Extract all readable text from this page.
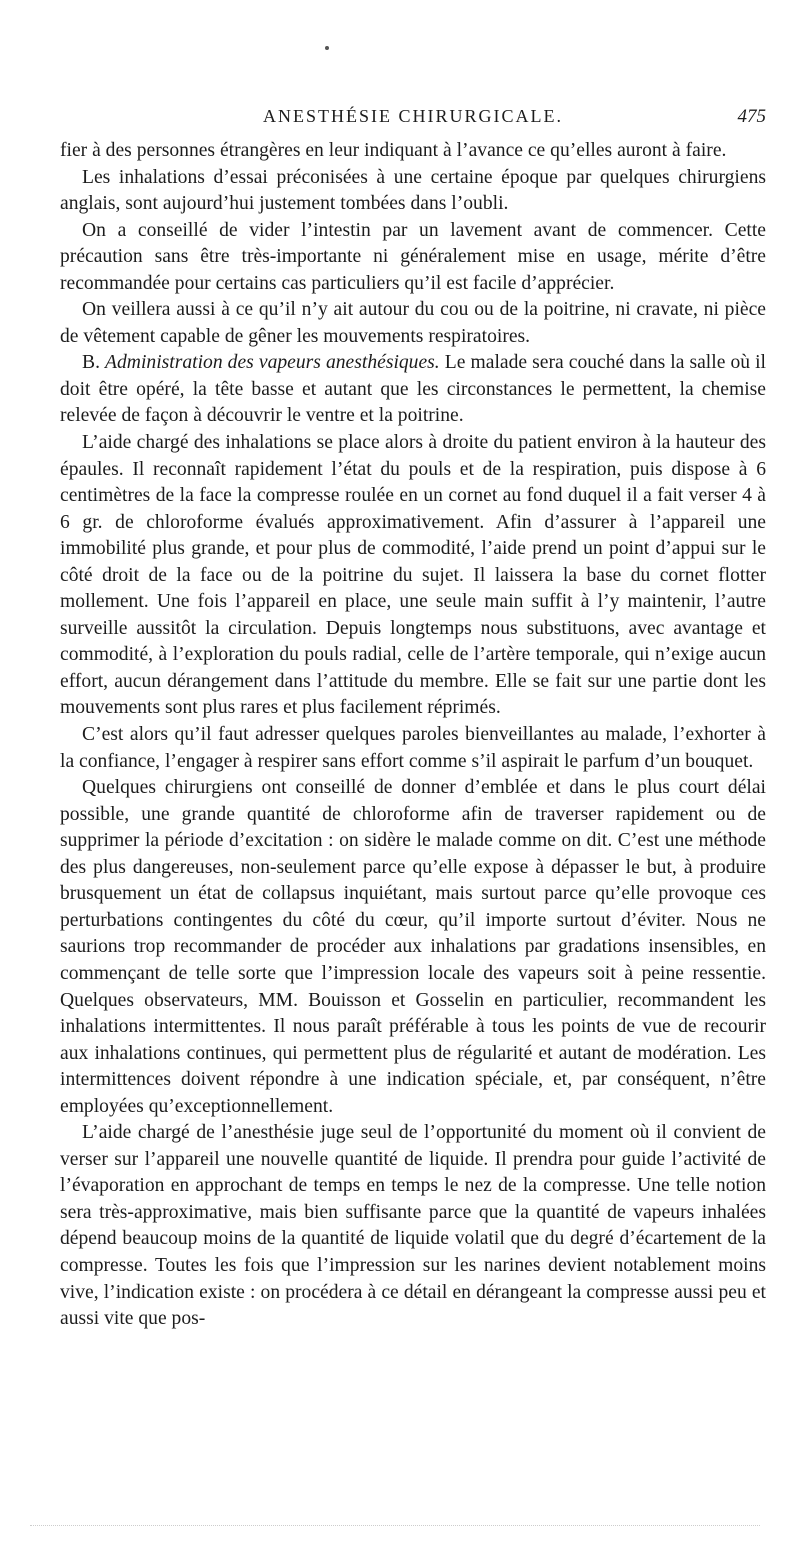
ANESTHÉSIE CHIRURGICALE.	475

fier à des personnes étrangères en leur indiquant à l’avance ce qu’elles auront à faire.

Les inhalations d’essai préconisées à une certaine époque par quelques chirurgiens anglais, sont aujourd’hui justement tombées dans l’oubli.

On a conseillé de vider l’intestin par un lavement avant de commencer. Cette précaution sans être très-importante ni généralement mise en usage, mérite d’être recommandée pour certains cas particuliers qu’il est facile d’apprécier.

On veillera aussi à ce qu’il n’y ait autour du cou ou de la poitrine, ni cravate, ni pièce de vêtement capable de gêner les mouvements respiratoires.

B. Administration des vapeurs anesthésiques. Le malade sera couché dans la salle où il doit être opéré, la tête basse et autant que les circonstances le permettent, la chemise relevée de façon à découvrir le ventre et la poitrine.

L’aide chargé des inhalations se place alors à droite du patient environ à la hauteur des épaules. Il reconnaît rapidement l’état du pouls et de la respiration, puis dispose à 6 centimètres de la face la compresse roulée en un cornet au fond duquel il a fait verser 4 à 6 gr. de chloroforme évalués approximativement. Afin d’assurer à l’appareil une immobilité plus grande, et pour plus de commodité, l’aide prend un point d’appui sur le côté droit de la face ou de la poitrine du sujet. Il laissera la base du cornet flotter mollement. Une fois l’appareil en place, une seule main suffit à l’y maintenir, l’autre surveille aussitôt la circulation. Depuis longtemps nous substituons, avec avantage et commodité, à l’exploration du pouls radial, celle de l’artère temporale, qui n’exige aucun effort, aucun dérangement dans l’attitude du membre. Elle se fait sur une partie dont les mouvements sont plus rares et plus facilement réprimés.

C’est alors qu’il faut adresser quelques paroles bienveillantes au malade, l’exhorter à la confiance, l’engager à respirer sans effort comme s’il aspirait le parfum d’un bouquet.

Quelques chirurgiens ont conseillé de donner d’emblée et dans le plus court délai possible, une grande quantité de chloroforme afin de traverser rapidement ou de supprimer la période d’excitation : on sidère le malade comme on dit. C’est une méthode des plus dangereuses, non-seulement parce qu’elle expose à dépasser le but, à produire brusquement un état de collapsus inquiétant, mais surtout parce qu’elle provoque ces perturbations contingentes du côté du cœur, qu’il importe surtout d’éviter. Nous ne saurions trop recommander de procéder aux inhalations par gradations insensibles, en commençant de telle sorte que l’impression locale des vapeurs soit à peine ressentie. Quelques observateurs, MM. Bouisson et Gosselin en particulier, recommandent les inhalations intermittentes. Il nous paraît préférable à tous les points de vue de recourir aux inhalations continues, qui permettent plus de régularité et autant de modération. Les intermittences doivent répondre à une indication spéciale, et, par conséquent, n’être employées qu’exceptionnellement.

L’aide chargé de l’anesthésie juge seul de l’opportunité du moment où il convient de verser sur l’appareil une nouvelle quantité de liquide. Il prendra pour guide l’activité de l’évaporation en approchant de temps en temps le nez de la compresse. Une telle notion sera très-approximative, mais bien suffisante parce que la quantité de vapeurs inhalées dépend beaucoup moins de la quantité de liquide volatil que du degré d’écartement de la compresse. Toutes les fois que l’impression sur les narines devient notablement moins vive, l’indication existe : on procédera à ce détail en dérangeant la compresse aussi peu et aussi vite que pos-
